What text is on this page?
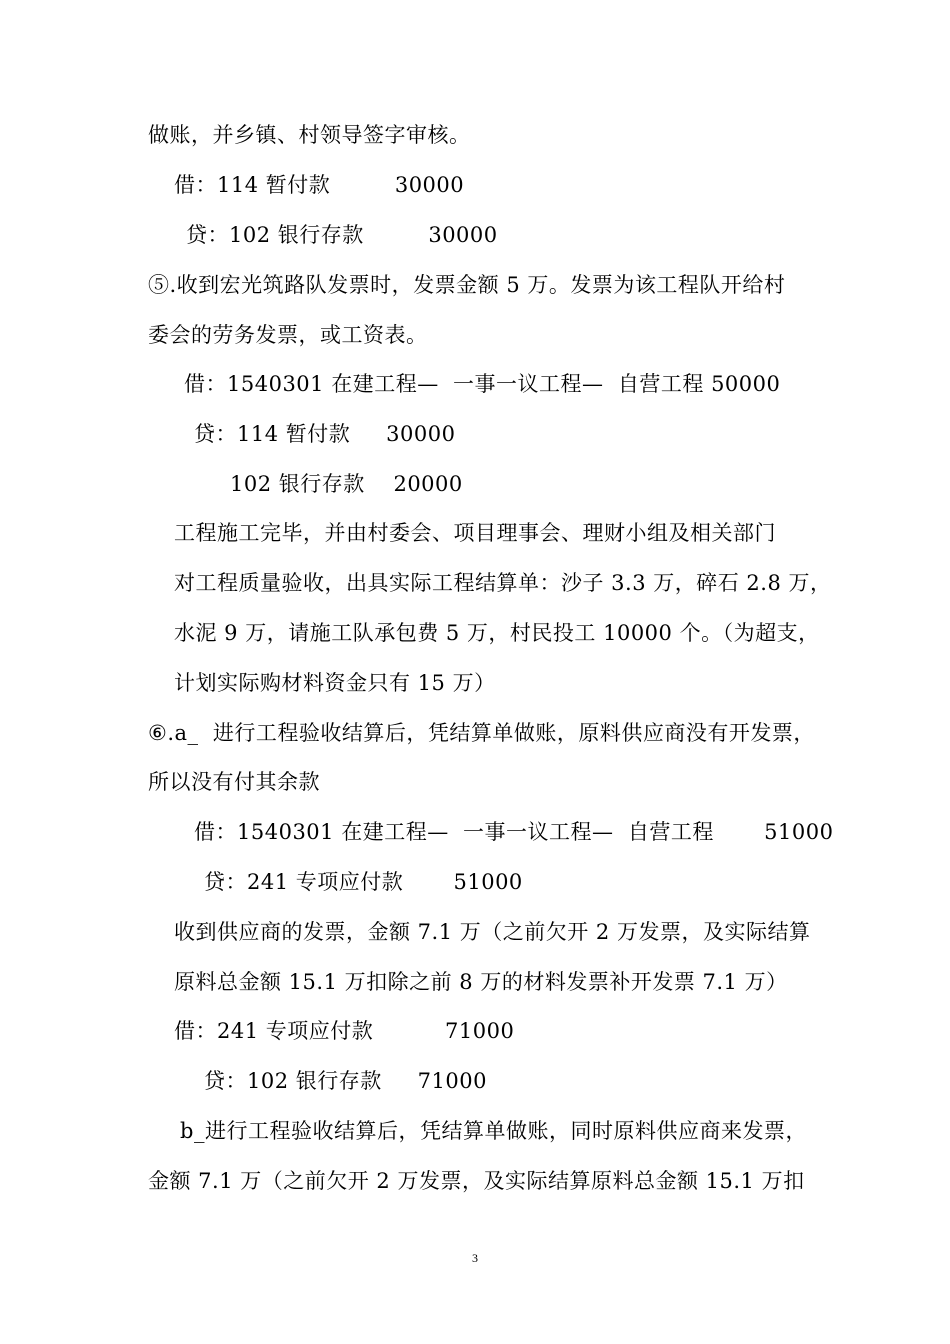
做账，并乡镇、村领导签字审核。
借：114 暂付款         30000
贷：102 银行存款         30000
⑤.收到宏光筑路队发票时，发票金额 5 万。发票为该工程队开给村
委会的劳务发票，或工资表。
借：1540301 在建工程—  一事一议工程—  自营工程 50000
贷：114 暂付款     30000
102 银行存款    20000
工程施工完毕，并由村委会、项目理事会、理财小组及相关部门
对工程质量验收，出具实际工程结算单：沙子 3.3 万，碎石 2.8 万，
水泥 9 万，请施工队承包费 5 万，村民投工 10000 个。（为超支，
计划实际购材料资金只有 15 万）
⑥.a_  进行工程验收结算后，凭结算单做账，原料供应商没有开发票，
所以没有付其余款
借：1540301 在建工程—  一事一议工程—  自营工程       51000
贷：241 专项应付款       51000
收到供应商的发票，金额 7.1 万（之前欠开 2 万发票，及实际结算
原料总金额 15.1 万扣除之前 8 万的材料发票补开发票 7.1 万）
借：241 专项应付款          71000
贷：102 银行存款     71000
b_进行工程验收结算后，凭结算单做账，同时原料供应商来发票，
金额 7.1 万（之前欠开 2 万发票，及实际结算原料总金额 15.1 万扣
3
